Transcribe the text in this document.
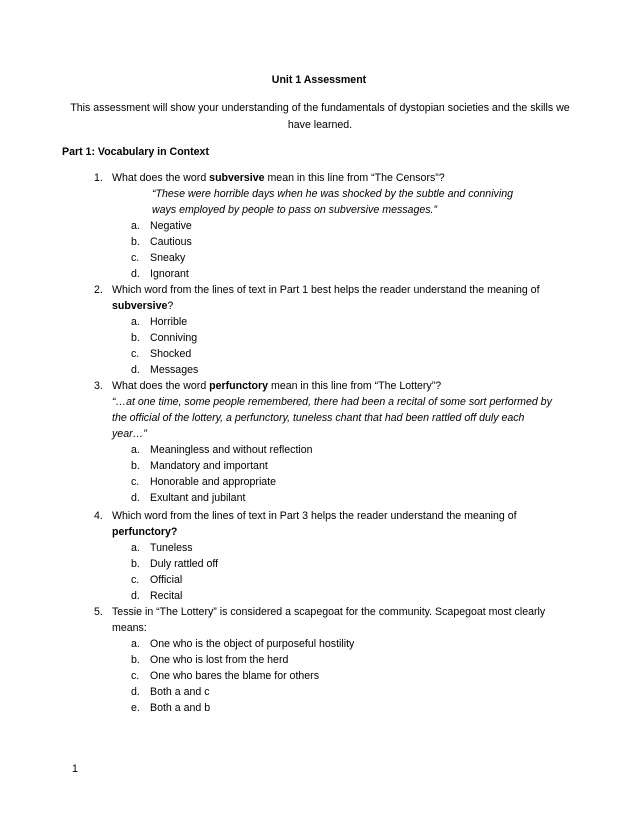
Unit 1 Assessment
This assessment will show your understanding of the fundamentals of dystopian societies and the skills we have learned.
Part 1: Vocabulary in Context
1. What does the word subversive mean in this line from “The Censors”?
“These were horrible days when he was shocked by the subtle and conniving
ways employed by people to pass on subversive messages.”
a. Negative
b. Cautious
c. Sneaky
d. Ignorant
2. Which word from the lines of text in Part 1 best helps the reader understand the meaning of
subversive?
a. Horrible
b. Conniving
c. Shocked
d. Messages
3. What does the word perfunctory mean in this line from “The Lottery”?
“…at one time, some people remembered, there had been a recital of some sort performed by
the official of the lottery, a perfunctory, tuneless chant that had been rattled off duly each
year…”
a. Meaningless and without reflection
b. Mandatory and important
c. Honorable and appropriate
d. Exultant and jubilant
4. Which word from the lines of text in Part 3 helps the reader understand the meaning of
perfunctory?
a. Tuneless
b. Duly rattled off
c. Official
d. Recital
5. Tessie in “The Lottery” is considered a scapegoat for the community. Scapegoat most clearly
means:
a. One who is the object of purposeful hostility
b. One who is lost from the herd
c. One who bares the blame for others
d. Both a and c
e. Both a and b
1
